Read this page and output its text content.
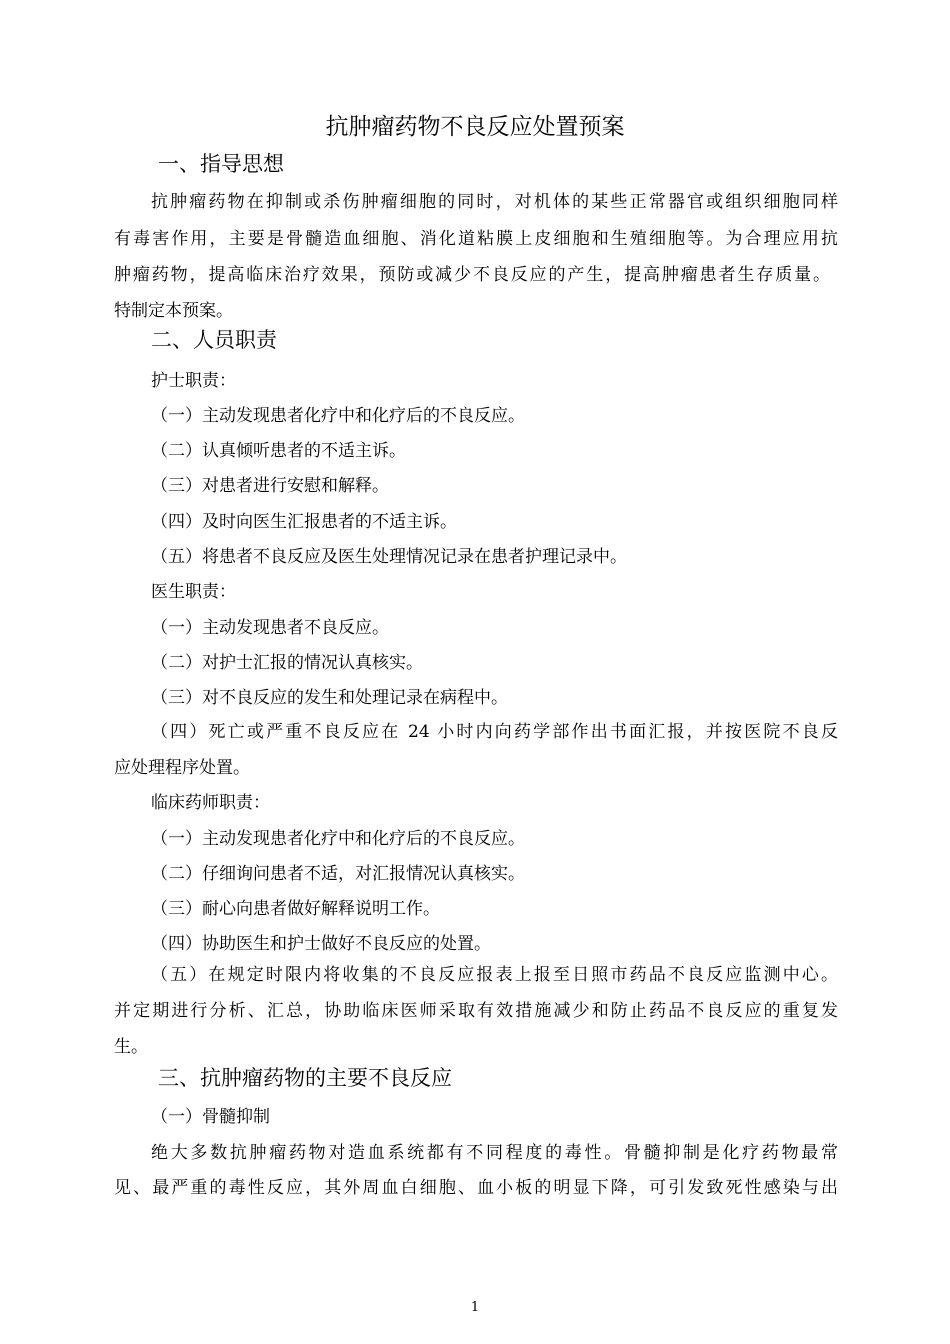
抗肿瘤药物不良反应处置预案
一、指导思想
抗肿瘤药物在抑制或杀伤肿瘤细胞的同时，对机体的某些正常器官或组织细胞同样
有毒害作用，主要是骨髓造血细胞、消化道粘膜上皮细胞和生殖细胞等。为合理应用抗
肿瘤药物，提高临床治疗效果，预防或减少不良反应的产生，提高肿瘤患者生存质量。
特制定本预案。
二、人员职责
护士职责：
（一）主动发现患者化疗中和化疗后的不良反应。
（二）认真倾听患者的不适主诉。
（三）对患者进行安慰和解释。
（四）及时向医生汇报患者的不适主诉。
（五）将患者不良反应及医生处理情况记录在患者护理记录中。
医生职责：
（一）主动发现患者不良反应。
（二）对护士汇报的情况认真核实。
（三）对不良反应的发生和处理记录在病程中。
（四）死亡或严重不良反应在 24 小时内向药学部作出书面汇报，并按医院不良反
应处理程序处置。
临床药师职责：
（一）主动发现患者化疗中和化疗后的不良反应。
（二）仔细询问患者不适，对汇报情况认真核实。
（三）耐心向患者做好解释说明工作。
（四）协助医生和护士做好不良反应的处置。
（五）在规定时限内将收集的不良反应报表上报至日照市药品不良反应监测中心。
并定期进行分析、汇总，协助临床医师采取有效措施减少和防止药品不良反应的重复发
生。
三、抗肿瘤药物的主要不良反应
（一）骨髓抑制
绝大多数抗肿瘤药物对造血系统都有不同程度的毒性。骨髓抑制是化疗药物最常
见、最严重的毒性反应，其外周血白细胞、血小板的明显下降，可引发致死性感染与出
1
